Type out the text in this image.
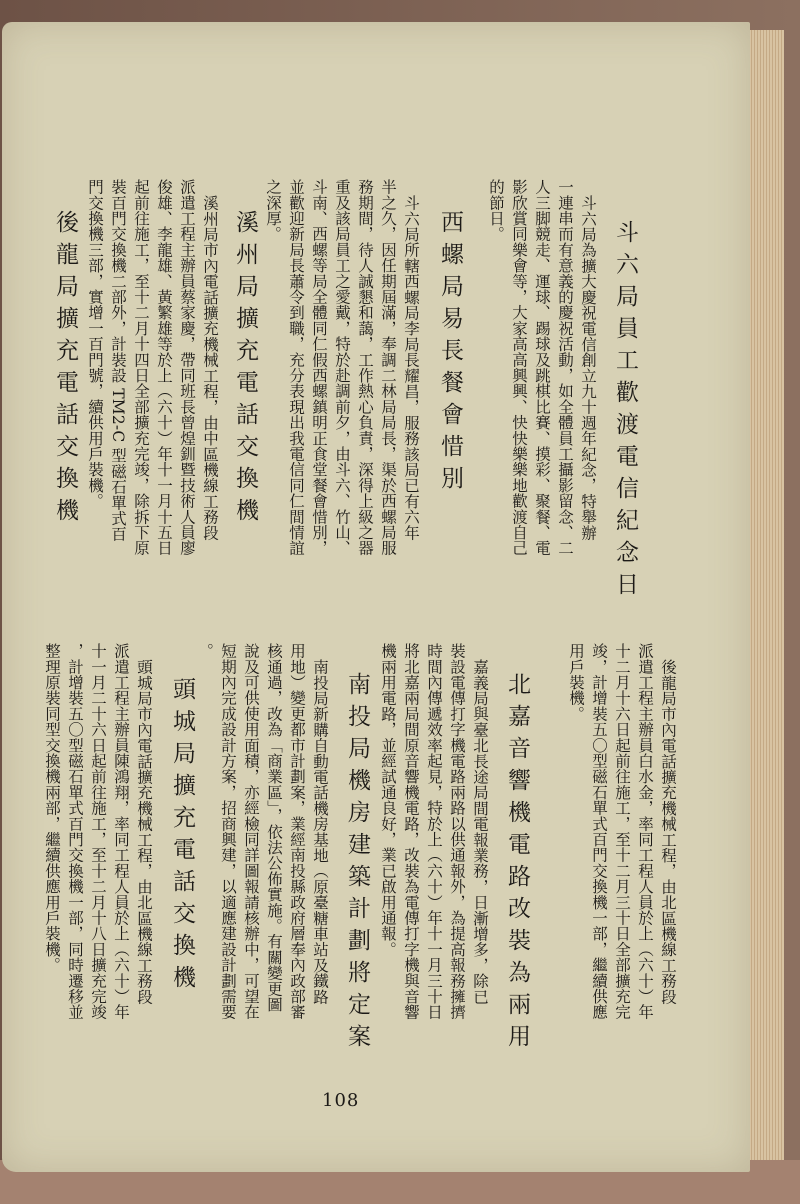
斗六局員工歡渡電信紀念日
斗六局為擴大慶祝電信創立九十週年紀念，特舉辦
一連串而有意義的慶祝活動，如全體員工攝影留念、二
人三脚競走、運球、踢球及跳棋比賽、摸彩、聚餐、電
影欣賞同樂會等，大家高高興興、快快樂樂地歡渡自己
的節日。
西螺局易長餐會惜別
斗六局所轄西螺局李局長耀昌，服務該局已有六年
半之久，因任期屆滿，奉調二林局局長，渠於西螺局服
務期間，待人誠懇和藹，工作熱心負責，深得上級之器
重及該局員工之愛戴，特於赴調前夕，由斗六、竹山、
斗南、西螺等局全體同仁假西螺鎮明正食堂餐會惜別，
並歡迎新局長蕭令到職，充分表現出我電信同仁間情誼
之深厚。
溪州局擴充電話交換機
溪州局市內電話擴充機械工程，由中區機線工務段
派遣工程主辦員蔡家慶，帶同班長曾煌釧暨技術人員廖
俊雄、李龍雄、黃繁雄等於上（六十）年十一月十五日
起前往施工，至十二月十四日全部擴充完竣，除拆下原
裝百門交換機二部外，計裝設 TM2-C 型磁石單式百
門交換機三部，實增一百門號，續供用戶裝機。
後龍局擴充電話交換機
後龍局市內電話擴充機械工程，由北區機線工務段
派遣工程主辦員白水金，率同工程人員於上（六十）年
十二月十六日起前往施工，至十二月三十日全部擴充完
竣，計增裝五〇型磁石單式百門交換機一部，繼續供應
用戶裝機。
北嘉音響機電路改裝為兩用
嘉義局與臺北長途局間電報業務，日漸增多，除已
裝設電傳打字機電路兩路以供通報外，為提高報務擁擠
時間內傳遞效率起見，特於上（六十）年十一月三十日
將北嘉兩局間原音響機電路，改裝為電傳打字機與音響
機兩用電路，並經試通良好，業已啟用通報。
南投局機房建築計劃將定案
南投局新購自動電話機房基地（原臺糖車站及鐵路
用地）變更都市計劃案，業經南投縣政府層奉內政部審
核通過，改為「商業區」，依法公佈實施。有關變更圖
說及可供使用面積，亦經檢同詳圖報請核辦中，可望在
短期內完成設計方案，招商興建，以適應建設計劃需要
。
頭城局擴充電話交換機
頭城局市內電話擴充機械工程，由北區機線工務段
派遣工程主辦員陳鴻翔，率同工程人員於上（六十）年
十一月二十六日起前往施工，至十二月十八日擴充完竣
，計增裝五〇型磁石單式百門交換機一部，同時遷移並
整理原裝同型交換機兩部，繼續供應用戶裝機。
108
